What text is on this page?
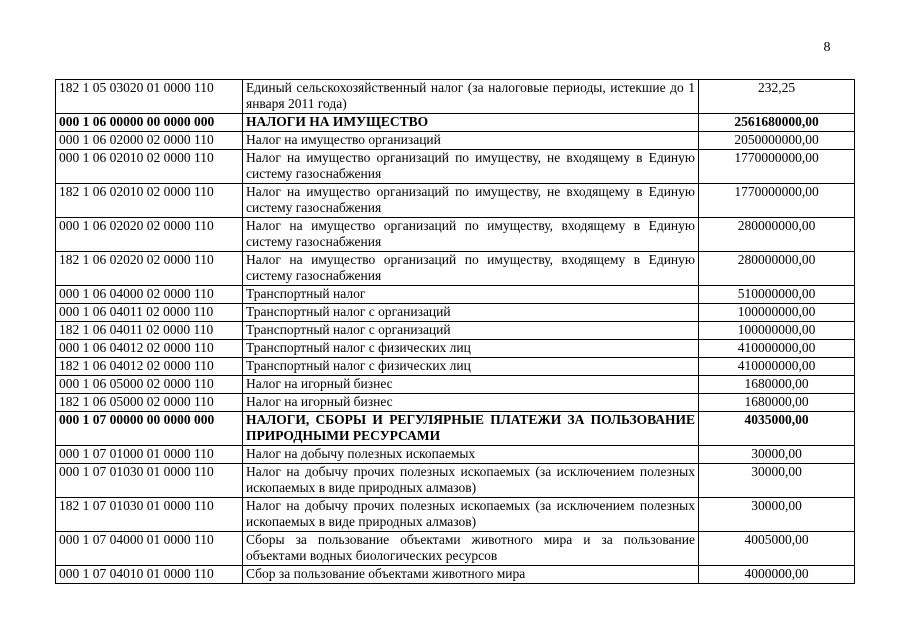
8
182 1 05 03020 01 0000 110	Единый сельскохозяйственный налог (за налоговые периоды, истекшие до 1 января 2011 года)	232,25
000 1 06 00000 00 0000 000	НАЛОГИ НА ИМУЩЕСТВО	2561680000,00
000 1 06 02000 02 0000 110	Налог на имущество организаций	2050000000,00
000 1 06 02010 02 0000 110	Налог на имущество организаций по имуществу, не входящему в Единую систему газоснабжения	1770000000,00
182 1 06 02010 02 0000 110	Налог на имущество организаций по имуществу, не входящему в Единую систему газоснабжения	1770000000,00
000 1 06 02020 02 0000 110	Налог на имущество организаций по имуществу, входящему в Единую систему газоснабжения	280000000,00
182 1 06 02020 02 0000 110	Налог на имущество организаций по имуществу, входящему в Единую систему газоснабжения	280000000,00
000 1 06 04000 02 0000 110	Транспортный налог	510000000,00
000 1 06 04011 02 0000 110	Транспортный налог с организаций	100000000,00
182 1 06 04011 02 0000 110	Транспортный налог с организаций	100000000,00
000 1 06 04012 02 0000 110	Транспортный налог с физических лиц	410000000,00
182 1 06 04012 02 0000 110	Транспортный налог с физических лиц	410000000,00
000 1 06 05000 02 0000 110	Налог на игорный бизнес	1680000,00
182 1 06 05000 02 0000 110	Налог на игорный бизнес	1680000,00
000 1 07 00000 00 0000 000	НАЛОГИ, СБОРЫ И РЕГУЛЯРНЫЕ ПЛАТЕЖИ ЗА ПОЛЬЗОВАНИЕ ПРИРОДНЫМИ РЕСУРСАМИ	4035000,00
000 1 07 01000 01 0000 110	Налог на добычу полезных ископаемых	30000,00
000 1 07 01030 01 0000 110	Налог на добычу прочих полезных ископаемых (за исключением полезных ископаемых в виде природных алмазов)	30000,00
182 1 07 01030 01 0000 110	Налог на добычу прочих полезных ископаемых (за исключением полезных ископаемых в виде природных алмазов)	30000,00
000 1 07 04000 01 0000 110	Сборы за пользование объектами животного мира и за пользование объектами водных биологических ресурсов	4005000,00
000 1 07 04010 01 0000 110	Сбор за пользование объектами животного мира	4000000,00
